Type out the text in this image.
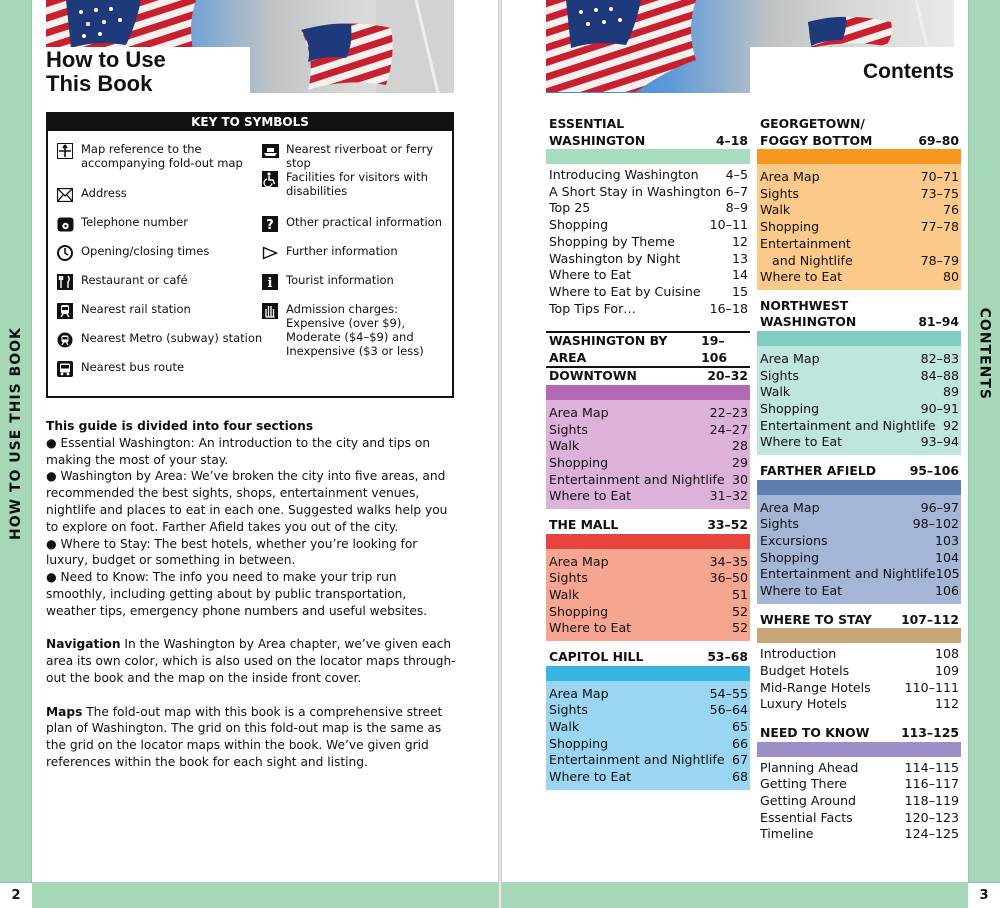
HOW TO USE THIS BOOK	CONTENTS
2	3
How to Use
This Book	Contents
KEY TO SYMBOLS
Map reference to the
accompanying fold-out map
Address
Telephone number
Opening/closing times
Restaurant or café
Nearest rail station
Nearest Metro (subway) station
Nearest bus route
Nearest riverboat or ferry stop
Facilities for visitors with
disabilities
? Other practical information
Further information
i Tourist information
Admission charges:
Expensive (over $9),
Moderate ($4–$9) and
Inexpensive ($3 or less)

This guide is divided into four sections
● Essential Washington: An introduction to the city and tips on making the most of your stay.
● Washington by Area: We’ve broken the city into five areas, and recommended the best sights, shops, entertainment venues, nightlife and places to eat in each one. Suggested walks help you to explore on foot. Farther Afield takes you out of the city.
● Where to Stay: The best hotels, whether you’re looking for luxury, budget or something in between.
● Need to Know: The info you need to make your trip run smoothly, including getting about by public transportation, weather tips, emergency phone numbers and useful websites.

Navigation In the Washington by Area chapter, we’ve given each area its own color, which is also used on the locator maps through-out the book and the map on the inside front cover.

Maps The fold-out map with this book is a comprehensive street plan of Washington. The grid on this fold-out map is the same as the grid on the locator maps within the book. We’ve given grid references within the book for each sight and listing.

ESSENTIAL
WASHINGTON	4–18
Introducing Washington 4–5
A Short Stay in Washington 6–7
Top 25	8–9
Shopping	10–11
Shopping by Theme	12
Washington by Night	13
Where to Eat	14
Where to Eat by Cuisine 15
Top Tips For…	16–18
WASHINGTON BY AREA
19–106
DOWNTOWN	20–32
Area Map	22–23
Sights	24–27
Walk	28
Shopping	29
Entertainment and Nightlife 30
Where to Eat	31–32
THE MALL	33–52
Area Map	34–35
Sights	36–50
Walk	51
Shopping	52
Where to Eat	52
CAPITOL HILL	53–68
Area Map	54–55
Sights	56–64
Walk	65
Shopping	66
Entertainment and Nightlife 67
Where to Eat	68
GEORGETOWN/
FOGGY BOTTOM	69–80
Area Map	70–71
Sights	73–75
Walk	76
Shopping	77–78
Entertainment
and Nightlife	78–79
Where to Eat	80
NORTHWEST
WASHINGTON	81–94
Area Map	82–83
Sights	84–88
Walk	89
Shopping	90–91
Entertainment and Nightlife 92
Where to Eat	93–94
FARTHER AFIELD	95–106
Area Map	96–97
Sights	98–102
Excursions	103
Shopping	104
Entertainment and Nightlife 105
Where to Eat	106
WHERE TO STAY 107–112
Introduction	108
Budget Hotels	109
Mid-Range Hotels	110–111
Luxury Hotels	112
NEED TO KNOW	113–125
Planning Ahead	114–115
Getting There	116–117
Getting Around	118–119
Essential Facts	120–123
Timeline	124–125
